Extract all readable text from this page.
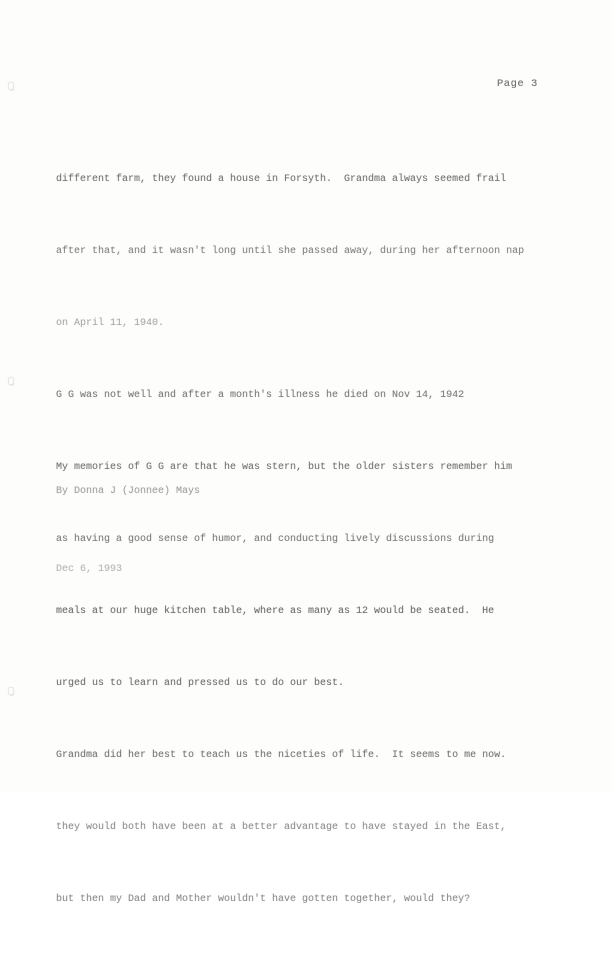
Page 3

different farm, they found a house in Forsyth.  Grandma always seemed frail

after that, and it wasn't long until she passed away, during her afternoon nap

on April 11, 1940.

G G was not well and after a month's illness he died on Nov 14, 1942

My memories of G G are that he was stern, but the older sisters remember him

as having a good sense of humor, and conducting lively discussions during

meals at our huge kitchen table, where as many as 12 would be seated.  He

urged us to learn and pressed us to do our best.

Grandma did her best to teach us the niceties of life.  It seems to me now.

they would both have been at a better advantage to have stayed in the East,

but then my Dad and Mother wouldn't have gotten together, would they?

By Donna J (Jonnee) Mays

Dec 6, 1993
